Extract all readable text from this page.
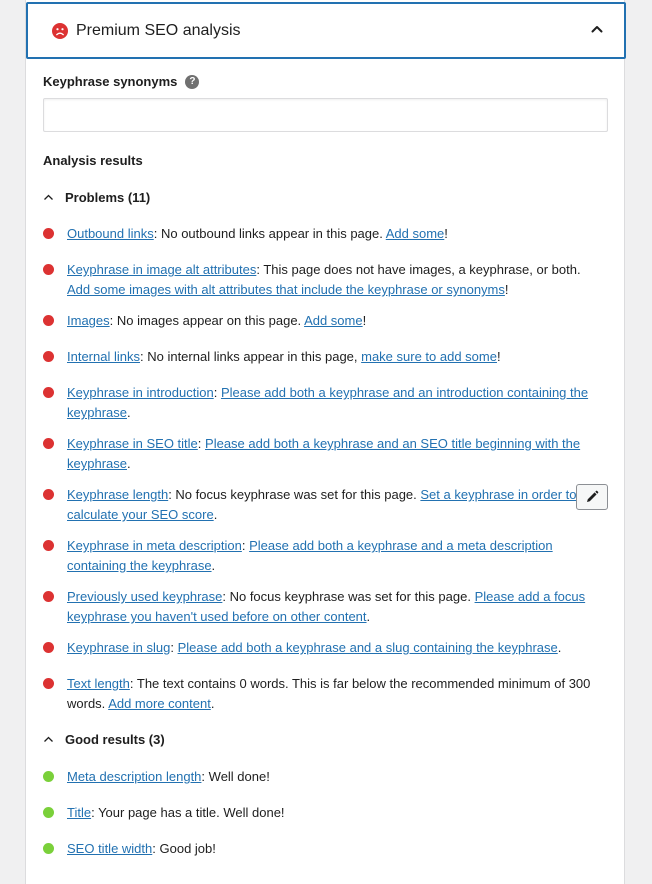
Premium SEO analysis
Keyphrase synonyms	?
Analysis results
Problems (11)
Outbound links: No outbound links appear in this page. Add some!
Keyphrase in image alt attributes: This page does not have images, a keyphrase, or both. Add some images with alt attributes that include the keyphrase or synonyms!
Images: No images appear on this page. Add some!
Internal links: No internal links appear in this page, make sure to add some!
Keyphrase in introduction: Please add both a keyphrase and an introduction containing the keyphrase.
Keyphrase in SEO title: Please add both a keyphrase and an SEO title beginning with the keyphrase.
Keyphrase length: No focus keyphrase was set for this page. Set a keyphrase in order to calculate your SEO score.
Keyphrase in meta description: Please add both a keyphrase and a meta description containing the keyphrase.
Previously used keyphrase: No focus keyphrase was set for this page. Please add a focus keyphrase you haven't used before on other content.
Keyphrase in slug: Please add both a keyphrase and a slug containing the keyphrase.
Text length: The text contains 0 words. This is far below the recommended minimum of 300 words. Add more content.
Good results (3)
Meta description length: Well done!
Title: Your page has a title. Well done!
SEO title width: Good job!
